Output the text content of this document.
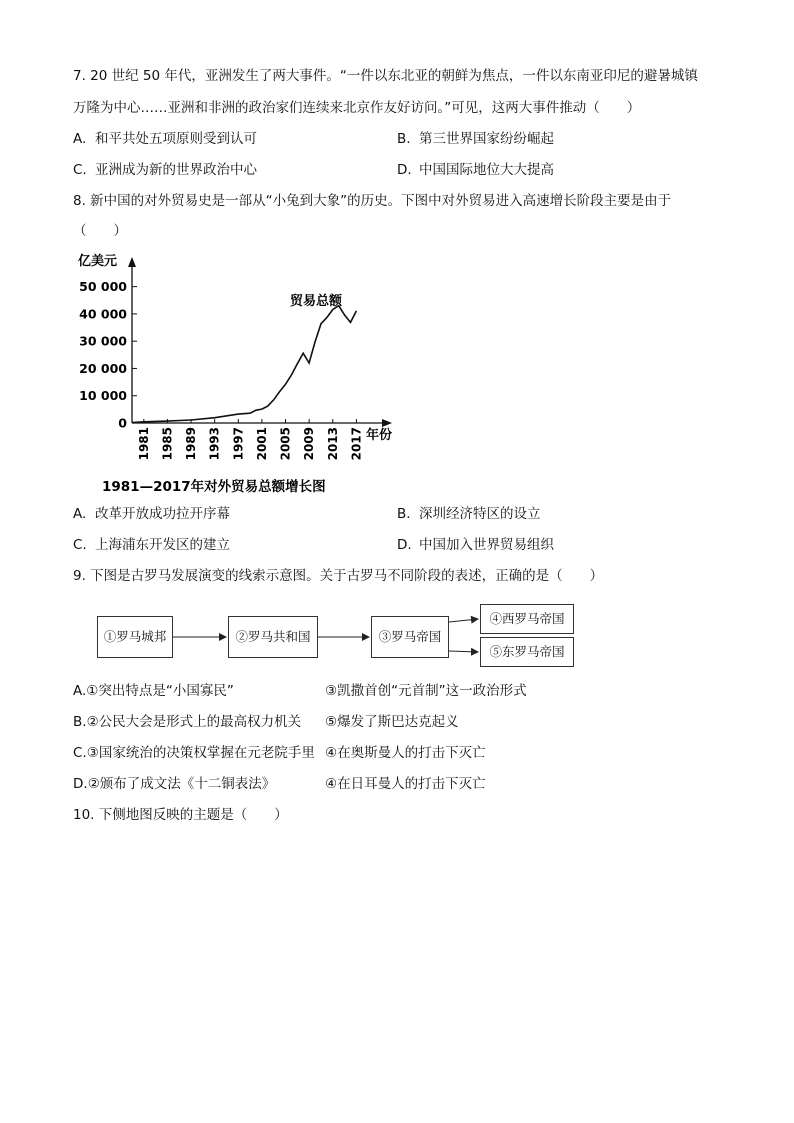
7. 20 世纪 50 年代，亚洲发生了两大事件。“一件以东北亚的朝鲜为焦点，一件以东南亚印尼的避暑城镇
万隆为中心……亚洲和非洲的政治家们连续来北京作友好访问。”可见，这两大事件推动（　　）
A. 和平共处五项原则受到认可	B. 第三世界国家纷纷崛起
C. 亚洲成为新的世界政治中心	D. 中国国际地位大大提高
8. 新中国的对外贸易史是一部从“小兔到大象”的历史。下图中对外贸易进入高速增长阶段主要是由于
（　　）
0
10 000
20 000
30 000
40 000
50 000
1981 1985 1989 1993 1997 2001 2005 2009 2013 2017
亿美元
年份
贸易总额
1981—2017年对外贸易总额增长图
A. 改革开放成功拉开序幕	B. 深圳经济特区的设立
C. 上海浦东开发区的建立	D. 中国加入世界贸易组织
9. 下图是古罗马发展演变的线索示意图。关于古罗马不同阶段的表述，正确的是（　　）
①罗马城邦	②罗马共和国	③罗马帝国
④西罗马帝国
⑤东罗马帝国
A.①突出特点是“小国寡民”	③凯撒首创“元首制”这一政治形式
B.②公民大会是形式上的最高权力机关 ⑤爆发了斯巴达克起义
C.③国家统治的决策权掌握在元老院手里 ④在奥斯曼人的打击下灭亡
D.②颁布了成文法《十二铜表法》	④在日耳曼人的打击下灭亡
10. 下侧地图反映的主题是（　　）
